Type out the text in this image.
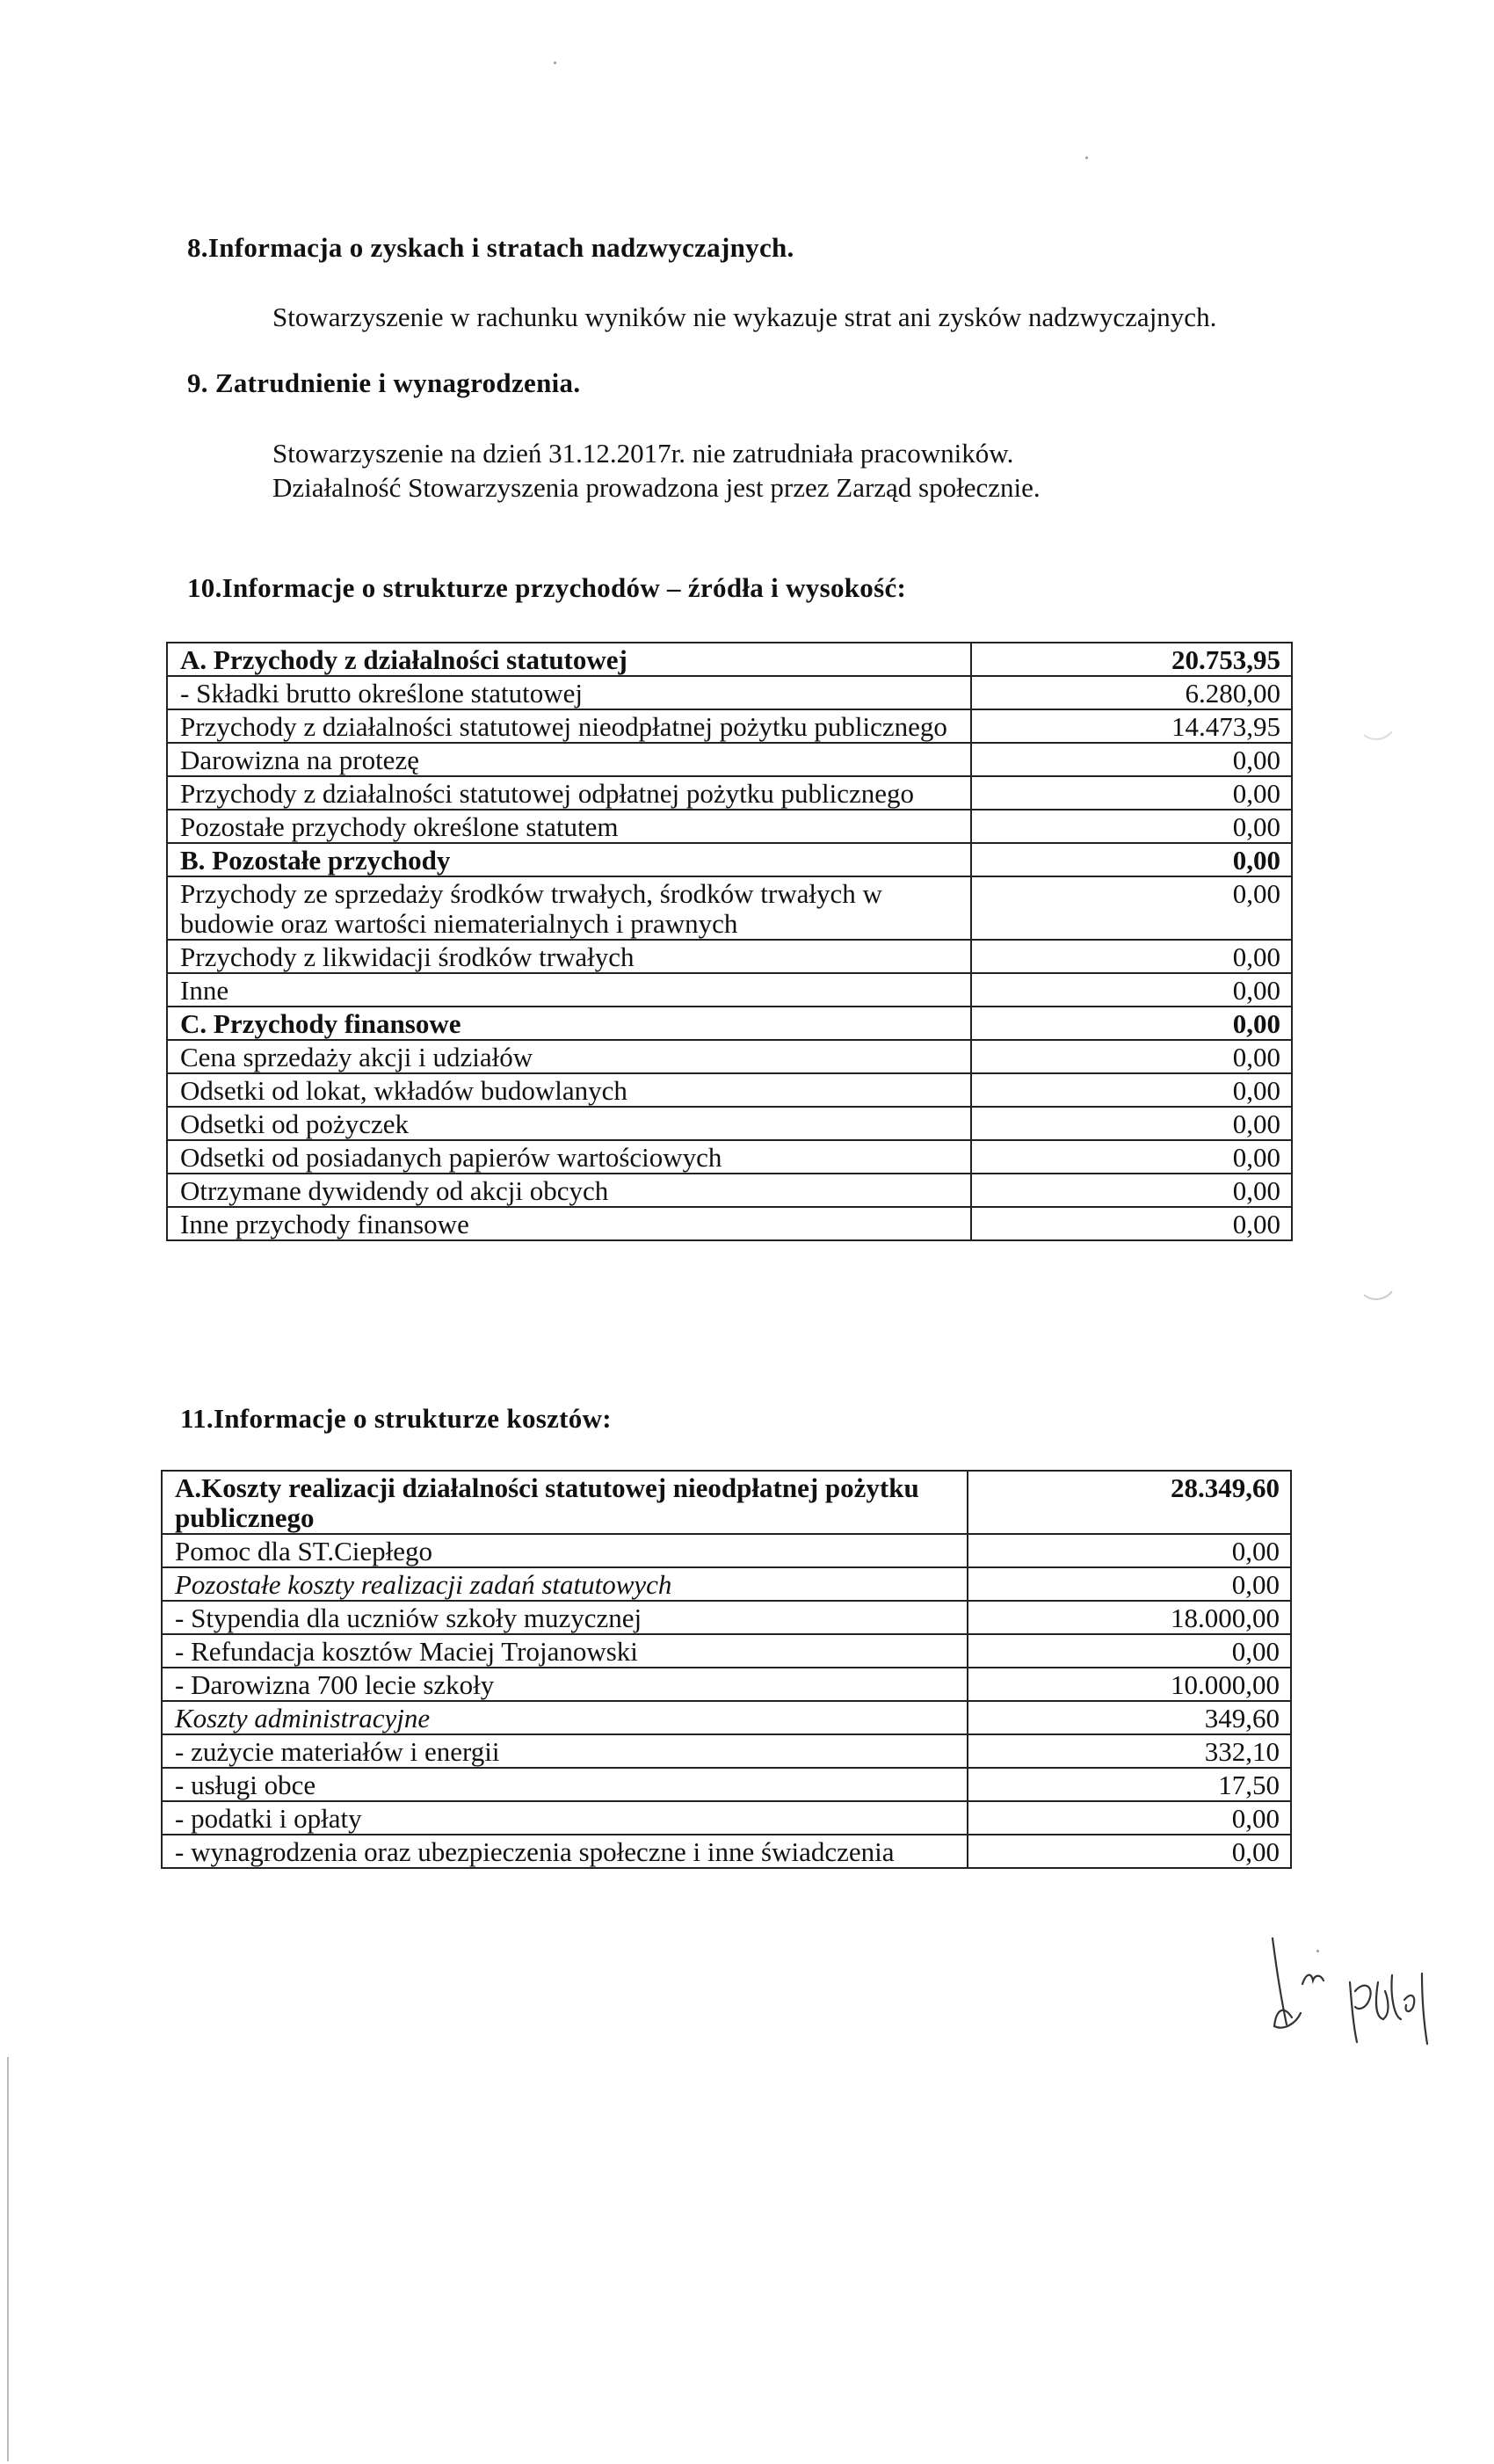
8.Informacja o zyskach i stratach nadzwyczajnych.
Stowarzyszenie w rachunku wyników nie wykazuje strat ani zysków nadzwyczajnych.
9. Zatrudnienie i wynagrodzenia.
Stowarzyszenie na dzień 31.12.2017r. nie zatrudniała pracowników.
Działalność Stowarzyszenia prowadzona jest przez Zarząd społecznie.
10.Informacje o strukturze przychodów – źródła i wysokość:
A. Przychody z działalności statutowej	20.753,95
- Składki brutto określone statutowej	6.280,00
Przychody z działalności statutowej nieodpłatnej pożytku publicznego	14.473,95
Darowizna na protezę	0,00
Przychody z działalności statutowej odpłatnej pożytku publicznego	0,00
Pozostałe przychody określone statutem	0,00
B. Pozostałe przychody	0,00
Przychody ze sprzedaży środków trwałych, środków trwałych w budowie oraz wartości niematerialnych i prawnych	0,00
Przychody z likwidacji środków trwałych	0,00
Inne	0,00
C. Przychody finansowe	0,00
Cena sprzedaży akcji i udziałów	0,00
Odsetki od lokat, wkładów budowlanych	0,00
Odsetki od pożyczek	0,00
Odsetki od posiadanych papierów wartościowych	0,00
Otrzymane dywidendy od akcji obcych	0,00
Inne przychody finansowe	0,00
11.Informacje o strukturze kosztów:
A.Koszty realizacji działalności statutowej nieodpłatnej pożytku publicznego	28.349,60
Pomoc dla ST.Ciepłego	0,00
Pozostałe koszty realizacji zadań statutowych	0,00
- Stypendia dla uczniów szkoły muzycznej	18.000,00
- Refundacja kosztów Maciej Trojanowski	0,00
- Darowizna 700 lecie szkoły	10.000,00
Koszty administracyjne	349,60
- zużycie materiałów i energii	332,10
- usługi obce	17,50
- podatki i opłaty	0,00
- wynagrodzenia oraz ubezpieczenia społeczne i inne świadczenia	0,00
